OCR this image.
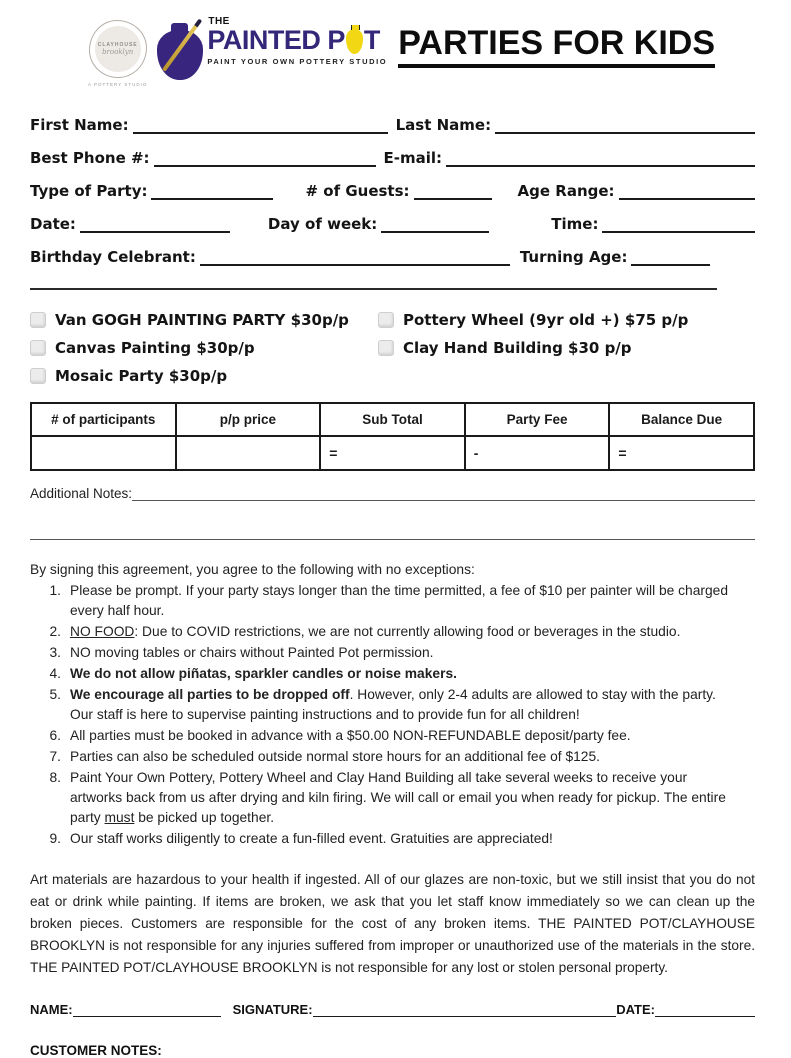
CLAYHOUSE
brooklyn
A POTTERY STUDIO
THE
PAINTED P T
PAINT YOUR OWN POTTERY STUDIO PARTIES FOR KIDS
First Name:	Last Name:
Best Phone #:	E-mail:
Type of Party:	# of Guests:	Age Range:
Date:	Day of week:	Time:
Birthday Celebrant:	Turning Age:
Van GOGH PAINTING PARTY $30p/p
Canvas Painting $30p/p
Mosaic Party $30p/p
Pottery Wheel (9yr old +) $75 p/p
Clay Hand Building $30 p/p
# of participants	p/p price	Sub Total	Party Fee	Balance Due
		=	-	=
Additional Notes:
By signing this agreement, you agree to the following with no exceptions:
1. Please be prompt. If your party stays longer than the time permitted, a fee of $10 per painter will be charged every half hour.
2. NO FOOD: Due to COVID restrictions, we are not currently allowing food or beverages in the studio.
3. NO moving tables or chairs without Painted Pot permission.
4. We do not allow piñatas, sparkler candles or noise makers.
5. We encourage all parties to be dropped off. However, only 2-4 adults are allowed to stay with the party. Our staff is here to supervise painting instructions and to provide fun for all children!
6. All parties must be booked in advance with a $50.00 NON-REFUNDABLE deposit/party fee.
7. Parties can also be scheduled outside normal store hours for an additional fee of $125.
8. Paint Your Own Pottery, Pottery Wheel and Clay Hand Building all take several weeks to receive your artworks back from us after drying and kiln firing. We will call or email you when ready for pickup. The entire party must be picked up together.
9. Our staff works diligently to create a fun-filled event. Gratuities are appreciated!
Art materials are hazardous to your health if ingested. All of our glazes are non-toxic, but we still insist that you do not eat or drink while painting. If items are broken, we ask that you let staff know immediately so we can clean up the broken pieces. Customers are responsible for the cost of any broken items. THE PAINTED POT/CLAYHOUSE BROOKLYN is not responsible for any injuries suffered from improper or unauthorized use of the materials in the store. THE PAINTED POT/CLAYHOUSE BROOKLYN is not responsible for any lost or stolen personal property.
NAME:	SIGNATURE:	DATE:
CUSTOMER NOTES:
